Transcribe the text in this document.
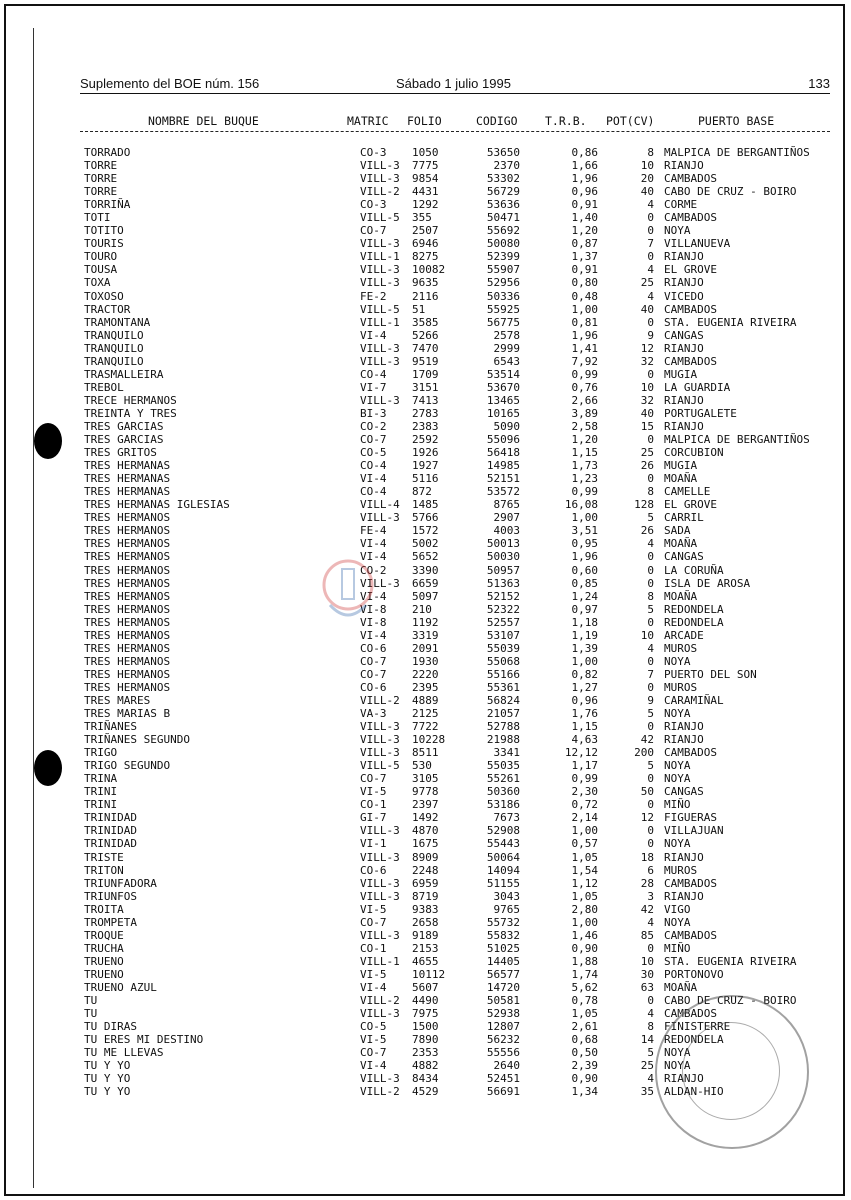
Suplemento del BOE núm. 156	Sábado 1 julio 1995	133
NOMBRE DEL BUQUE	MATRIC FOLIO	CODIGO T.R.B. POT(CV)	PUERTO BASE
TORRADO	CO-3 1050	53650	0,86	8 MALPICA DE BERGANTIÑOS
TORRE	VILL-3 7775	2370	1,66	10 RIANJO
TORRE	VILL-3 9854	53302	1,96	20 CAMBADOS
TORRE	VILL-2 4431	56729	0,96	40 CABO DE CRUZ - BOIRO
TORRIÑA	CO-3 1292	53636	0,91	4 CORME
TOTI	VILL-5 355	50471	1,40	0 CAMBADOS
TOTITO	CO-7 2507	55692	1,20	0 NOYA
TOURIS	VILL-3 6946	50080	0,87	7 VILLANUEVA
TOURO	VILL-1 8275	52399	1,37	0 RIANJO
TOUSA	VILL-3 10082	55907	0,91	4 EL GROVE
TOXA	VILL-3 9635	52956	0,80	25 RIANJO
TOXOSO	FE-2 2116	50336	0,48	4 VICEDO
TRACTOR	VILL-5 51	55925	1,00	40 CAMBADOS
TRAMONTANA	VILL-1 3585	56775	0,81	0 STA. EUGENIA RIVEIRA
TRANQUILO	VI-4 5266	2578	1,96	9 CANGAS
TRANQUILO	VILL-3 7470	2999	1,41	12 RIANJO
TRANQUILO	VILL-3 9519	6543	7,92	32 CAMBADOS
TRASMALLEIRA	CO-4 1709	53514	0,99	0 MUGIA
TREBOL	VI-7 3151	53670	0,76	10 LA GUARDIA
TRECE HERMANOS	VILL-3 7413	13465	2,66	32 RIANJO
TREINTA Y TRES	BI-3 2783	10165	3,89	40 PORTUGALETE
TRES GARCIAS	CO-2 2383	5090	2,58	15 RIANJO
TRES GARCIAS	CO-7 2592	55096	1,20	0 MALPICA DE BERGANTIÑOS
TRES GRITOS	CO-5 1926	56418	1,15	25 CORCUBION
TRES HERMANAS	CO-4 1927	14985	1,73	26 MUGIA
TRES HERMANAS	VI-4 5116	52151	1,23	0 MOAÑA
TRES HERMANAS	CO-4 872	53572	0,99	8 CAMELLE
TRES HERMANAS IGLESIAS	VILL-4 1485	8765	16,08	128 EL GROVE
TRES HERMANOS	VILL-3 5766	2907	1,00	5 CARRIL
TRES HERMANOS	FE-4 1572	4003	3,51	26 SADA
TRES HERMANOS	VI-4 5002	50013	0,95	4 MOAÑA
TRES HERMANOS	VI-4 5652	50030	1,96	0 CANGAS
TRES HERMANOS	CO-2 3390	50957	0,60	0 LA CORUÑA
TRES HERMANOS	VILL-3 6659	51363	0,85	0 ISLA DE AROSA
TRES HERMANOS	VI-4 5097	52152	1,24	8 MOAÑA
TRES HERMANOS	VI-8 210	52322	0,97	5 REDONDELA
TRES HERMANOS	VI-8 1192	52557	1,18	0 REDONDELA
TRES HERMANOS	VI-4 3319	53107	1,19	10 ARCADE
TRES HERMANOS	CO-6 2091	55039	1,39	4 MUROS
TRES HERMANOS	CO-7 1930	55068	1,00	0 NOYA
TRES HERMANOS	CO-7 2220	55166	0,82	7 PUERTO DEL SON
TRES HERMANOS	CO-6 2395	55361	1,27	0 MUROS
TRES MARES	VILL-2 4889	56824	0,96	9 CARAMIÑAL
TRES MARIAS B	VA-3 2125	21057	1,76	5 NOYA
TRIÑANES	VILL-3 7722	52788	1,15	0 RIANJO
TRIÑANES SEGUNDO	VILL-3 10228	21988	4,63	42 RIANJO
TRIGO	VILL-3 8511	3341	12,12	200 CAMBADOS
TRIGO SEGUNDO	VILL-5 530	55035	1,17	5 NOYA
TRINA	CO-7 3105	55261	0,99	0 NOYA
TRINI	VI-5 9778	50360	2,30	50 CANGAS
TRINI	CO-1 2397	53186	0,72	0 MIÑO
TRINIDAD	GI-7 1492	7673	2,14	12 FIGUERAS
TRINIDAD	VILL-3 4870	52908	1,00	0 VILLAJUAN
TRINIDAD	VI-1 1675	55443	0,57	0 NOYA
TRISTE	VILL-3 8909	50064	1,05	18 RIANJO
TRITON	CO-6 2248	14094	1,54	6 MUROS
TRIUNFADORA	VILL-3 6959	51155	1,12	28 CAMBADOS
TRIUNFOS	VILL-3 8719	3043	1,05	3 RIANJO
TROITA	VI-5 9383	9765	2,80	42 VIGO
TROMPETA	CO-7 2658	55732	1,00	4 NOYA
TROQUE	VILL-3 9189	55832	1,46	85 CAMBADOS
TRUCHA	CO-1 2153	51025	0,90	0 MIÑO
TRUENO	VILL-1 4655	14405	1,88	10 STA. EUGENIA RIVEIRA
TRUENO	VI-5 10112	56577	1,74	30 PORTONOVO
TRUENO AZUL	VI-4 5607	14720	5,62	63 MOAÑA
TU	VILL-2 4490	50581	0,78	0 CABO DE CRUZ - BOIRO
TU	VILL-3 7975	52938	1,05	4 CAMBADOS
TU DIRAS	CO-5 1500	12807	2,61	8 FINISTERRE
TU ERES MI DESTINO	VI-5 7890	56232	0,68	14 REDONDELA
TU ME LLEVAS	CO-7 2353	55556	0,50	5 NOYA
TU Y YO	VI-4 4882	2640	2,39	25 NOYA
TU Y YO	VILL-3 8434	52451	0,90	4 RIANJO
TU Y YO	VILL-2 4529	56691	1,34	35 ALDAN-HIO
